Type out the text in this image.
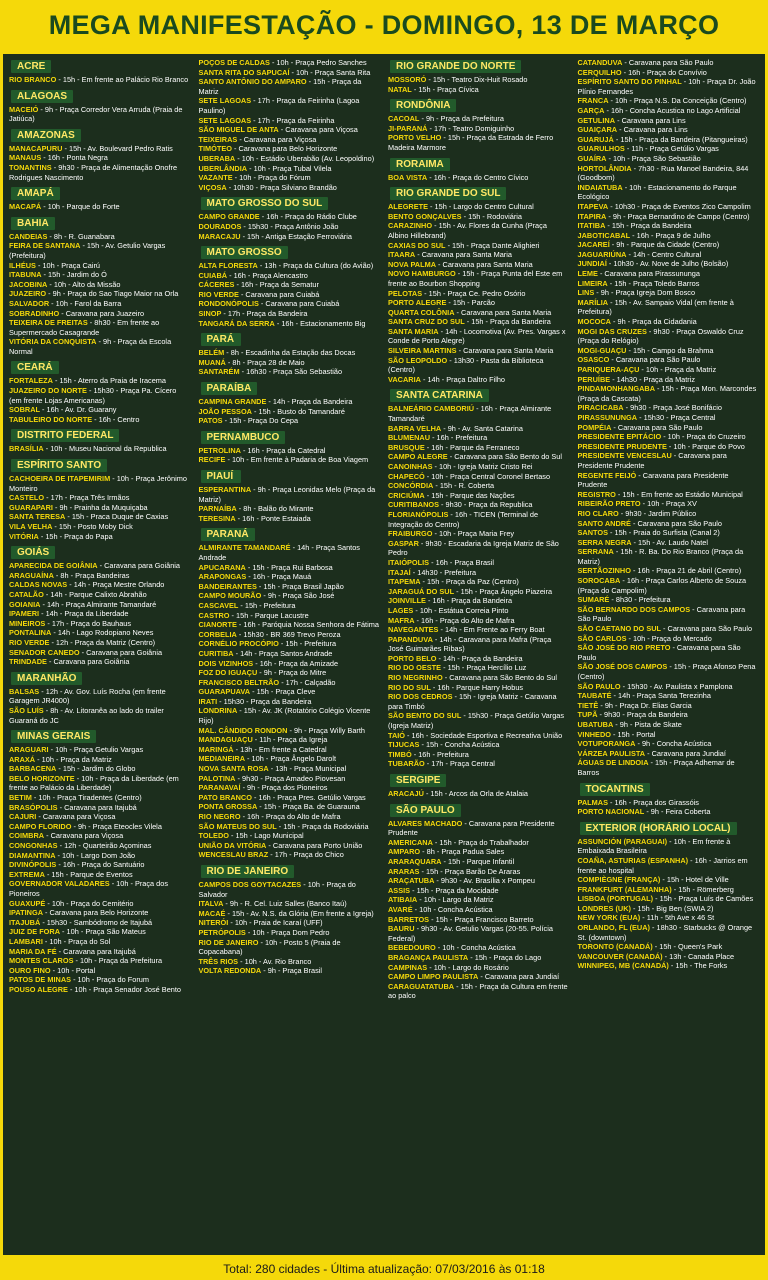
MEGA MANIFESTAÇÃO - DOMINGO, 13 DE MARÇO
ACRE
RIO BRANCO - 15h - Em frente ao Palácio Rio Branco
ALAGOAS
MACEIÓ - 9h - Praça Corredor Vera Arruda (Praia de Jatiúca)
AMAZONAS
MANACAPURU - 15h - Av. Boulevard Pedro Ratis
MANAUS - 16h - Ponta Negra
TONANTINS - 9h30 - Praça de Alimentação Onofre Rodrigues Nascimento
AMAPÁ
MACAPÁ - 10h - Parque do Forte
BAHIA
CANDEIAS - 8h - R. Guanabara
FEIRA DE SANTANA - 15h - Av. Getulio Vargas (Prefeitura)
ILHÉUS - 10h - Praça Cairú
ITABUNA - 15h - Jardim do Ó
JACOBINA - 10h - Alto da Missão
JUAZEIRO - 9h - Praça do Sao Tiago Maior na Orla
SALVADOR - 10h - Farol da Barra
SOBRADINHO - Caravana para Juazeiro
TEIXEIRA DE FREITAS - 8h30 - Em frente ao Supermercado Casagrande
VITÓRIA DA CONQUISTA - 9h - Praça da Escola Normal
CEARÁ
FORTALEZA - 15h - Aterro da Praia de Iracema
JUAZEIRO DO NORTE - 15h30 - Praça Pa. Cícero (em frente Lojas Americanas)
SOBRAL - 16h - Av. Dr. Guarany
TABULEIRO DO NORTE - 16h - Centro
DISTRITO FEDERAL
BRASÍLIA - 10h - Museu Nacional da Republica
ESPÍRITO SANTO
CACHOEIRA DE ITAPEMIRIM - 10h - Praça Jerônimo Monteiro
CASTELO - 17h - Praça Três Irmãos
GUARAPARI - 9h - Prainha da Muquiçaba
SANTA TERESA - 15h - Praca Duque de Caxias
VILA VELHA - 15h - Posto Moby Dick
VITÓRIA - 15h - Praça do Papa
GOIÁS
APARECIDA DE GOIÂNIA - Caravana para Goiânia
ARAGUAÍNA - 8h - Praça Bandeiras
CALDAS NOVAS - 14h - Praça Mestre Orlando
CATALÃO - 14h - Parque Calixto Abrahão
GOIANIA - 14h - Praça Almirante Tamandaré
IPAMERI - 14h - Praça da Liberdade
MINEIROS - 17h - Praça do Bauhaus
PONTALINA - 14h - Lago Rodopiano Neves
RIO VERDE - 12h - Praça da Matriz (Centro)
SENADOR CANEDO - Caravana para Goiânia
TRINDADE - Caravana para Goiânia
MARANHÃO
BALSAS - 12h - Av. Gov. Luís Rocha (em frente Garagem JR4000)
SÃO LUÍS - 8h - Av. Litoranêa ao lado do trailer Guaraná do JC
MINAS GERAIS
ARAGUARI - 10h - Praça Getulio Vargas
ARAXÁ - 10h - Praça da Matriz
BARBACENA - 15h - Jardim do Globo
BELO HORIZONTE - 10h - Praça da Liberdade (em frente ao Palácio da Liberdade)
BETIM - 10h - Praça Tiradentes (Centro)
BRASÓPOLIS - Caravana para Itajubá
CAJURI - Caravana para Viçosa
CAMPO FLORIDO - 9h - Praça Eteocles Vilela
COIMBRA - Caravana para Viçosa
CONGONHAS - 12h - Quarteirão Açominas
DIAMANTINA - 10h - Largo Dom João
DIVINÓPOLIS - 16h - Praça do Santuário
EXTREMA - 15h - Parque de Eventos
GOVERNADOR VALADARES - 10h - Praça dos Pioneiros
GUAXUPÉ - 10h - Praça do Cemitério
IPATINGA - Caravana para Belo Horizonte
ITAJUBÁ - 15h30 - Sambódromo de Itajubá
JUIZ DE FORA - 10h - Praça São Mateus
LAMBARI - 10h - Praça do Sol
MARIA DA FÉ - Caravana para Itajubá
MONTES CLAROS - 10h - Praça da Prefeitura
OURO FINO - 10h - Portal
PATOS DE MINAS - 10h - Praça do Forum
POUSO ALEGRE - 10h - Praça Senador José Bento
POÇOS DE CALDAS - 10h - Praça Pedro Sanches
SANTA RITA DO SAPUCAÍ - 10h - Praça Santa Rita
SANTO ANTÔNIO DO AMPARO - 15h - Praça da Matriz
SETE LAGOAS - 17h - Praça da Feirinha (Lagoa Paulino)
SETE LAGOAS - 17h - Praça da Feirinha
SÃO MIGUEL DE ANTA - Caravana para Viçosa
TEIXEIRAS - Caravana para Viçosa
TIMÓTEO - Caravana para Belo Horizonte
UBERABA - 10h - Estádio Uberabão (Av. Leopoldino)
UBERLÂNDIA - 10h - Praça Tubal Vilela
VAZANTE - 10h - Praça do Fórum
VIÇOSA - 10h30 - Praça Silviano Brandão
MATO GROSSO DO SUL
CAMPO GRANDE - 16h - Praça do Rádio Clube
DOURADOS - 15h30 - Praça Antônio João
MARACAJU - 15h - Antiga Estação Ferroviária
MATO GROSSO
ALTA FLORESTA - 13h - Praça da Cultura (do Avião)
CUIABÁ - 16h - Praça Alencastro
CÁCERES - 16h - Praça da Sematur
RIO VERDE - Caravana para Cuiabá
RONDONÓPOLIS - Caravana para Cuiabá
SINOP - 17h - Praça da Bandeira
TANGARÁ DA SERRA - 16h - Estacionamento Big
PARÁ
BELÉM - 8h - Escadinha da Estação das Docas
MUANÁ - 8h - Praça 28 de Maio
SANTARÉM - 16h30 - Praça São Sebastião
PARAÍBA
CAMPINA GRANDE - 14h - Praça da Bandeira
JOÃO PESSOA - 15h - Busto do Tamandaré
PATOS - 15h - Praça Do Cepa
PERNAMBUCO
PETROLINA - 16h - Praça da Catedral
RECIFE - 10h - Em frente à Padaria de Boa Viagem
PIAUÍ
ESPERANTINA - 9h - Praça Leonidas Melo (Praça da Matriz)
PARNAÍBA - 8h - Balão do Mirante
TERESINA - 16h - Ponte Estaiada
PARANÁ
ALMIRANTE TAMANDARÉ - 14h - Praça Santos Andrade
APUCARANA - 15h - Praça Rui Barbosa
ARAPONGAS - 16h - Praça Mauá
BANDEIRANTES - 15h - Praça Brasil Japão
CAMPO MOURÃO - 9h - Praça São José
CASCAVEL - 15h - Prefeitura
CASTRO - 15h - Parque Lacustre
CIANORTE - 16h - Paróquia Nossa Senhora de Fátima
CORBELIA - 15h30 - BR 369 Trevo Peroza
CORNÉLIO PROCÓPIO - 15h - Prefeitura
CURITIBA - 14h - Praça Santos Andrade
DOIS VIZINHOS - 16h - Praça da Amizade
FOZ DO IGUAÇU - 9h - Praça do Mitre
FRANCISCO BELTRÃO - 17h - Calçadão
GUARAPUAVA - 15h - Praça Cleve
IRATI - 15h30 - Praça da Bandeira
LONDRINA - 15h - Av. JK (Rotatório Colégio Vicente Rijo)
MAL. CÂNDIDO RONDON - 9h - Praça Willy Barth
MANDAGUAÇU - 11h - Praça da Igreja
MARINGÁ - 13h - Em frente a Catedral
MEDIANEIRA - 10h - Praça Ângelo Darolt
NOVA SANTA ROSA - 13h - Praça Municipal
PALOTINA - 9h30 - Praça Amadeo Piovesan
PARANAVAÍ - 9h - Praça dos Pioneiros
PATO BRANCO - 16h - Praça Pres. Getúlio Vargas
PONTA GROSSA - 15h - Praça Ba. de Guarauna
RIO NEGRO - 16h - Praça do Alto de Mafra
SÃO MATEUS DO SUL - 15h - Praça da Rodoviária
TOLEDO - 15h - Lago Municipal
UNIÃO DA VITÓRIA - Caravana para Porto União
WENCESLAU BRAZ - 17h - Praça do Chico
RIO DE JANEIRO
CAMPOS DOS GOYTACAZES - 10h - Praça do Salvador
ITALVA - 9h - R. Cel. Luiz Salles (Banco Itaú)
MACAÉ - 15h - Av. N.S. da Glória (Em frente a Igreja)
NITERÓI - 10h - Praia de Icaraí (UFF)
PETRÓPOLIS - 10h - Praça Dom Pedro
RIO DE JANEIRO - 10h - Posto 5 (Praia de Copacabana)
TRÊS RIOS - 10h - Av. Rio Branco
VOLTA REDONDA - 9h - Praça Brasil
RIO GRANDE DO NORTE
MOSSORÓ - 15h - Teatro Dix-Huit Rosado
NATAL - 15h - Praça Cívica
RONDÔNIA
CACOAL - 9h - Praça da Prefeitura
JI-PARANÁ - 17h - Teatro Domiguinho
PORTO VELHO - 15h - Praça da Estrada de Ferro Madeira Marmore
RORAIMA
BOA VISTA - 16h - Praça do Centro Cívico
RIO GRANDE DO SUL
ALEGRETE - 15h - Largo do Centro Cultural
BENTO GONÇALVES - 15h - Rodoviária
CARAZINHO - 15h - Av. Flores da Cunha (Praça Albino Hillebrand)
CAXIAS DO SUL - 15h - Praça Dante Alighieri
ITAARA - Caravana para Santa Maria
NOVA PALMA - Caravana para Santa Maria
NOVO HAMBURGO - 15h - Praça Punta del Este em frente ao Bourbon Shopping
PELOTAS - 15h - Praça Ce. Pedro Osório
PORTO ALEGRE - 15h - Parcão
QUARTA COLÔNIA - Caravana para Santa Maria
SANTA CRUZ DO SUL - 15h - Praça da Bandeira
SANTA MARIA - 14h - Locomotiva (Av. Pres. Vargas x Conde de Porto Alegre)
SILVEIRA MARTINS - Caravana para Santa Maria
SÃO LEOPOLDO - 13h30 - Pasta da Biblioteca (Centro)
VACARIA - 14h - Praça Daltro Filho
SANTA CATARINA
BALNEÁRIO CAMBORIÚ - 16h - Praça Almirante Tamandaré
BARRA VELHA - 9h - Av. Santa Catarina
BLUMENAU - 16h - Prefeitura
BRUSQUE - 16h - Parque da Ferraneco
CAMPO ALEGRE - Caravana para São Bento do Sul
CANOINHAS - 10h - Igreja Matriz Cristo Rei
CHAPECÓ - 10h - Praça Central Coronel Bertaso
CONCÓRDIA - 15h - R. Coberta
CRICIÚMA - 15h - Parque das Nações
CURITIBANOS - 9h30 - Praça da Republica
FLORIANÓPOLIS - 16h - TICEN (Terminal de Integração do Centro)
FRAIBURGO - 10h - Praça Maria Frey
GASPAR - 9h30 - Escadaria da Igreja Matriz de São Pedro
ITAIÓPOLIS - 16h - Praça Brasil
ITAJAÍ - 14h30 - Prefeitura
ITAPEMA - 15h - Praça da Paz (Centro)
JARAGUÁ DO SUL - 15h - Praça Ângelo Piazeira
JOINVILLE - 16h - Praça da Bandeira
LAGES - 10h - Estátua Correia Pinto
MAFRA - 16h - Praça do Alto de Mafra
NAVEGANTES - 14h - Em Frente ao Ferry Boat
PAPANDUVA - 14h - Caravana para Mafra (Praça José Guimarães Ribas)
PORTO BELO - 14h - Praça da Bandeira
RIO DO OESTE - 15h - Praça Hercílio Luz
RIO NEGRINHO - Caravana para São Bento do Sul
RIO DO SUL - 16h - Parque Harry Hobus
RIO DOS CEDROS - 15h - Igreja Matriz - Caravana para Timbó
SÃO BENTO DO SUL - 15h30 - Praça Getúlio Vargas (Igreja Matriz)
TAIÓ - 16h - Sociedade Esportiva e Recreativa União
TIJUCAS - 15h - Concha Acústica
TIMBÓ - 16h - Prefeitura
TUBARÃO - 17h - Praça Central
SERGIPE
ARACAJÚ - 15h - Arcos da Orla de Atalaia
SÃO PAULO
ALVARES MACHADO - Caravana para Presidente Prudente
AMERICANA - 15h - Praça do Trabalhador
AMPARO - 8h - Praça Padua Sales
ARARAQUARA - 15h - Parque Infantil
ARARAS - 15h - Praça Barão De Araras
ARAÇATUBA - 9h30 - Av. Brasília x Pompeu
ASSIS - 15h - Praça da Mocidade
ATIBAIA - 10h - Largo da Matriz
AVARÉ - 10h - Concha Acústica
BARRETOS - 15h - Praça Francisco Barreto
BAURU - 9h30 - Av. Getulio Vargas (20-55. Polícia Federal)
BEBEDOURO - 10h - Concha Acústica
BRAGANÇA PAULISTA - 15h - Praça do Lago
CAMPINAS - 10h - Largo do Rosário
CAMPO LIMPO PAULISTA - Caravana para Jundiaí
CARAGUATATUBA - 15h - Praça da Cultura em frente ao palco
CATANDUVA - Caravana para São Paulo
CERQUILHO - 16h - Praça do Convívio
ESPÍRITO SANTO DO PINHAL - 10h - Praça Dr. João Plínio Fernandes
FRANCA - 10h - Praça N.S. Da Conceição (Centro)
GARÇA - 16h - Concha Acustica no Lago Artificial
GETULINA - Caravana para Lins
GUAIÇARA - Caravana para Lins
GUARUJÁ - 15h - Praça da Bandeira (Pitangueiras)
GUARULHOS - 11h - Praça Getúlio Vargas
GUAÍRA - 10h - Praça São Sebastião
HORTOLÂNDIA - 7h30 - Rua Manoel Bandeira, 844 (Goodbom)
INDAIATUBA - 10h - Estacionamento do Parque Ecológico
ITAPEVA - 10h30 - Praça de Eventos Zico Campolim
ITAPIRA - 9h - Praça Bernardino de Campo (Centro)
ITATIBA - 15h - Praça da Bandeira
JABOTICABAL - 16h - Praça 9 de Julho
JACAREÍ - 9h - Parque da Cidade (Centro)
JAGUARIÚNA - 14h - Centro Cultural
JUNDIAÍ - 10h30 - Av. Nove de Julho (Bolsão)
LEME - Caravana para Pirassununga
LIMEIRA - 15h - Praça Toledo Barros
LINS - 9h - Praça Igreja Dom Bosco
MARÍLIA - 15h - Av. Sampaio Vidal (em frente à Prefeitura)
MOCOCA - 9h - Praça da Cidadania
MOGI DAS CRUZES - 9h30 - Praça Oswaldo Cruz (Praça do Relógio)
MOGI-GUAÇU - 15h - Campo da Brahma
OSASCO - Caravana para São Paulo
PARIQUERA-AÇU - 10h - Praça da Matriz
PERUÍBE - 14h30 - Praça da Matriz
PINDAMONHANGABA - 15h - Praça Mon. Marcondes (Praça da Cascata)
PIRACICABA - 9h30 - Praça José Bonifácio
PIRASSUNUNGA - 15h30 - Praça Central
POMPÉIA - Caravana para São Paulo
PRESIDENTE EPITÁCIO - 10h - Praça do Cruzeiro
PRESIDENTE PRUDENTE - 10h - Parque do Povo
PRESIDENTE VENCESLAU - Caravana para Presidente Prudente
REGENTE FEIJÓ - Caravana para Presidente Prudente
REGISTRO - 15h - Em frente ao Estádio Municipal
RIBEIRÃO PRETO - 10h - Praça XV
RIO CLARO - 9h30 - Jardim Público
SANTO ANDRÉ - Caravana para São Paulo
SANTOS - 15h - Praia do Surfista (Canal 2)
SERRA NEGRA - 15h - Av. Laudo Natel
SERRANA - 15h - R. Ba. Do Rio Branco (Praça da Matriz)
SERTÃOZINHO - 16h - Praça 21 de Abril (Centro)
SOROCABA - 16h - Praça Carlos Alberto de Souza (Praça do Campolim)
SUMARÉ - 8h30 - Prefeitura
SÃO BERNARDO DOS CAMPOS - Caravana para São Paulo
SÃO CAETANO DO SUL - Caravana para São Paulo
SÃO CARLOS - 10h - Praça do Mercado
SÃO JOSÉ DO RIO PRETO - Caravana para São Paulo
SÃO JOSÉ DOS CAMPOS - 15h - Praça Afonso Pena (Centro)
SÃO PAULO - 15h30 - Av. Paulista x Pamplona
TAUBATÉ - 14h - Praça Santa Terezinha
TIETÊ - 9h - Praça Dr. Elias Garcia
TUPÃ - 9h30 - Praça da Bandeira
UBATUBA - 9h - Pista de Skate
VINHEDO - 15h - Portal
VOTUPORANGA - 9h - Concha Acústica
VÁRZEA PAULISTA - Caravana para Jundiaí
ÁGUAS DE LINDOIA - 15h - Praça Adhemar de Barros
TOCANTINS
PALMAS - 16h - Praça dos Girassóis
PORTO NACIONAL - 9h - Feira Coberta
EXTERIOR (HORÁRIO LOCAL)
ASSUNCIÓN (PARAGUAI) - 10h - Em frente à Embaixada Brasileira
COAÑA, ASTURIAS (ESPANHA) - 16h - Jarrios em frente ao hospital
COMPIÈGNE (FRANÇA) - 15h - Hotel de Ville
FRANKFURT (ALEMANHA) - 15h - Römerberg
LISBOA (PORTUGAL) - 15h - Praça Luís de Camões
LONDRES (UK) - 15h - Big Ben (SWIA 2)
NEW YORK (EUA) - 11h - 5th Ave x 46 St
ORLANDO, FL (EUA) - 18h30 - Starbucks @ Orange St. (downtown)
TORONTO (CANADÁ) - 15h - Queen's Park
VANCOUVER (CANADÁ) - 13h - Canada Place
WINNIPEG, MB (CANADÁ) - 15h - The Forks
Total: 280 cidades - Última atualização: 07/03/2016 às 01:18
